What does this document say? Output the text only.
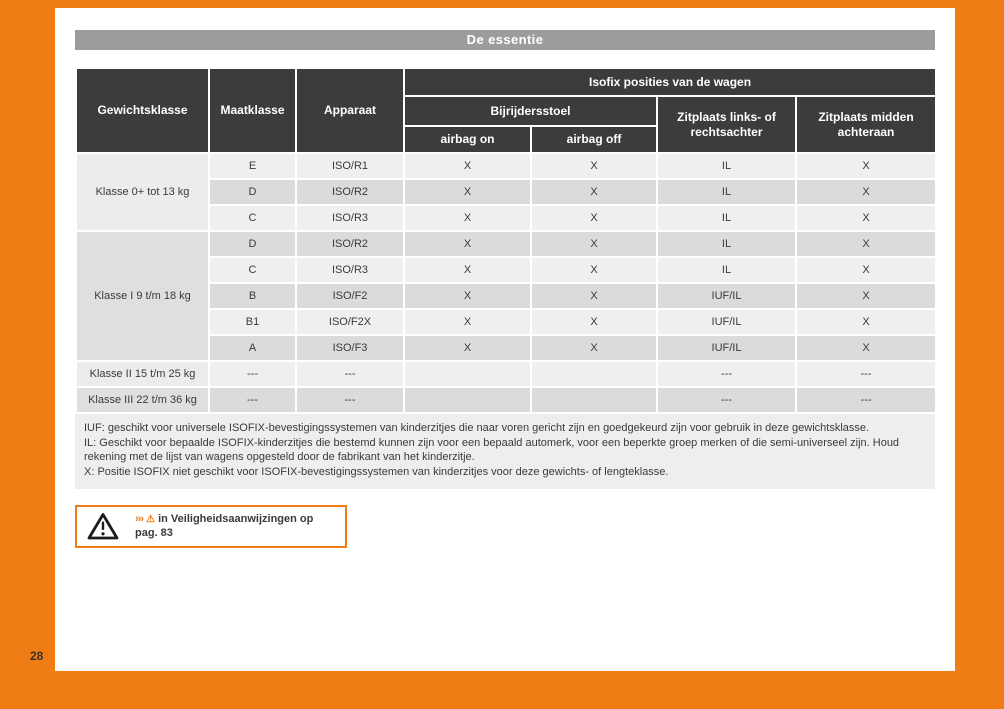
28
De essentie
Gewichtsklasse	Maatklasse	Apparaat	Isofix posities van de wagen			
			Bijrijdersstoel		Zitplaats links- of rechtsachter	Zitplaats midden achteraan
			airbag on	airbag off		
Klasse 0+ tot 13 kg	E	ISO/R1	X	X	IL	X
	D	ISO/R2	X	X	IL	X
	C	ISO/R3	X	X	IL	X
Klasse I 9 t/m 18 kg	D	ISO/R2	X	X	IL	X
	C	ISO/R3	X	X	IL	X
	B	ISO/F2	X	X	IUF/IL	X
	B1	ISO/F2X	X	X	IUF/IL	X
	A	ISO/F3	X	X	IUF/IL	X
Klasse II 15 t/m 25 kg	---	---			---	---
Klasse III 22 t/m 36 kg	---	---			---	---
IUF: geschikt voor universele ISOFIX-bevestigingssystemen van kinderzitjes die naar voren gericht zijn en goedgekeurd zijn voor gebruik in deze gewichtsklasse.
IL: Geschikt voor bepaalde ISOFIX-kinderzitjes die bestemd kunnen zijn voor een bepaald automerk, voor een beperkte groep merken of die semi-universeel zijn. Houd rekening met de lijst van wagens opgesteld door de fabrikant van het kinderzitje.
X: Positie ISOFIX niet geschikt voor ISOFIX-bevestigingssystemen van kinderzitjes voor deze gewichts- of lengteklasse.
››› ⚠ in Veiligheidsaanwijzingen op pag. 83
